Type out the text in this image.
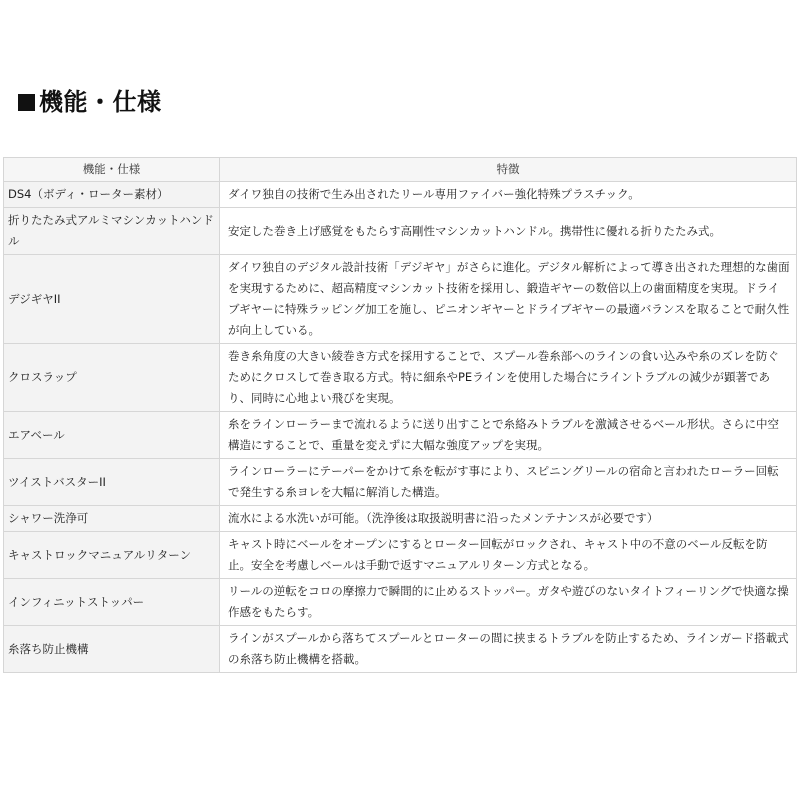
機能・仕様
機能・仕様	特徴
DS4（ボディ・ローター素材）	ダイワ独自の技術で生み出されたリール専用ファイバー強化特殊プラスチック。
折りたたみ式アルミマシンカットハンドル	安定した巻き上げ感覚をもたらす高剛性マシンカットハンドル。携帯性に優れる折りたたみ式。
デジギヤII	ダイワ独自のデジタル設計技術「デジギヤ」がさらに進化。デジタル解析によって導き出された理想的な歯面を実現するために、超高精度マシンカット技術を採用し、鍛造ギヤーの数倍以上の歯面精度を実現。ドライブギヤーに特殊ラッピング加工を施し、ピニオンギヤーとドライブギヤーの最適バランスを取ることで耐久性が向上している。
クロスラップ	巻き糸角度の大きい綾巻き方式を採用することで、スプール巻糸部へのラインの食い込みや糸のズレを防ぐためにクロスして巻き取る方式。特に細糸やPEラインを使用した場合にライントラブルの減少が顕著であり、同時に心地よい飛びを実現。
エアベール	糸をラインローラーまで流れるように送り出すことで糸絡みトラブルを激減させるベール形状。さらに中空構造にすることで、重量を変えずに大幅な強度アップを実現。
ツイストバスターII	ラインローラーにテーパーをかけて糸を転がす事により、スピニングリールの宿命と言われたローラー回転で発生する糸ヨレを大幅に解消した構造。
シャワー洗浄可	流水による水洗いが可能。（洗浄後は取扱説明書に沿ったメンテナンスが必要です）
キャストロックマニュアルリターン	キャスト時にベールをオープンにするとローター回転がロックされ、キャスト中の不意のベール反転を防止。安全を考慮しベールは手動で返すマニュアルリターン方式となる。
インフィニットストッパー	リールの逆転をコロの摩擦力で瞬間的に止めるストッパー。ガタや遊びのないタイトフィーリングで快適な操作感をもたらす。
糸落ち防止機構	ラインがスプールから落ちてスプールとローターの間に挟まるトラブルを防止するため、ラインガード搭載式の糸落ち防止機構を搭載。
